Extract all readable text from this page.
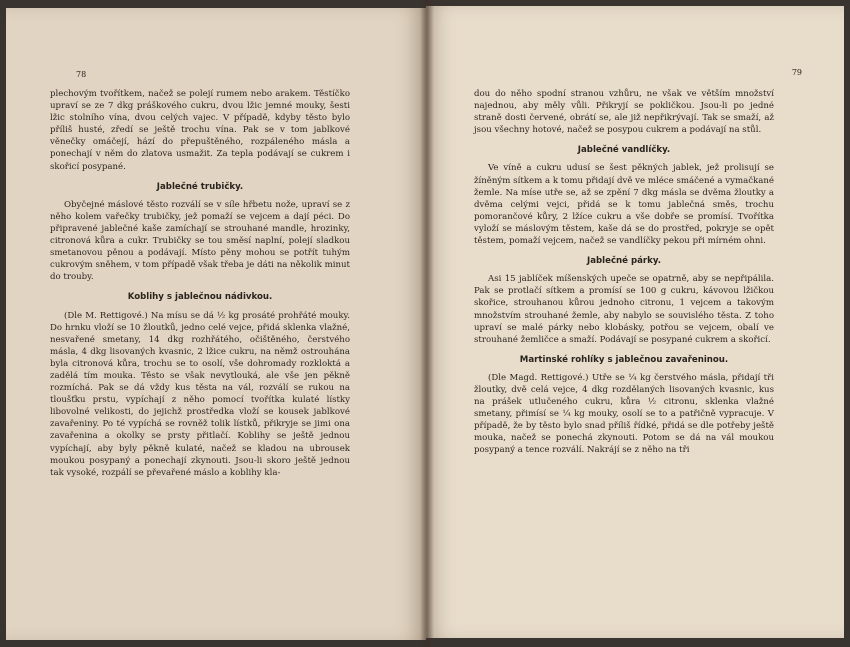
78

plechovým tvořítkem, načež se polejí rumem nebo arakem. Těstíčko upraví se ze 7 dkg práškového cukru, dvou lžic jemné mouky, šesti lžic stolního vína, dvou celých vajec. V případě, kdyby těsto bylo příliš husté, zředí se ještě trochu vína. Pak se v tom jablkové věnečky omáčejí, hází do přepuštěného, rozpáleného másla a ponechají v něm do zlatova usmažit. Za tepla podávají se cukrem i skořicí posypané.

Jablečné trubičky.

Obyčejné máslové těsto rozválí se v síle hřbetu nože, upraví se z něho kolem vařečky trubičky, jež pomaží se vejcem a dají péci. Do připravené jablečné kaše zamíchají se strouhané mandle, hrozinky, citronová kůra a cukr. Trubičky se tou směsí naplní, polejí sladkou smetanovou pěnou a podávají. Místo pěny mohou se potřít tuhým cukrovým sněhem, v tom případě však třeba je dáti na několik minut do trouby.

Koblihy s jablečnou nádivkou.

(Dle M. Rettigové.) Na mísu se dá ½ kg prosáté prohřáté mouky. Do hrnku vloží se 10 žloutků, jedno celé vejce, přidá sklenka vlažné, nesvařené smetany, 14 dkg rozhřátého, očištěného, čerstvého másla, 4 dkg lisovaných kvasnic, 2 lžice cukru, na němž ostrouhána byla citronová kůra, trochu se to osolí, vše dohromady rozkloktá a zadělá tím mouka. Těsto se však nevytlouká, ale vše jen pěkně rozmíchá. Pak se dá vždy kus těsta na vál, rozválí se rukou na tloušťku prstu, vypíchají z něho pomocí tvořítka kulaté lístky libovolné velikosti, do jejichž prostředka vloží se kousek jablkové zavařeniny. Po té vypíchá se rovněž tolik lístků, přikryje se jimi ona zavařenina a okolky se prsty přitlačí. Koblihy se ještě jednou vypíchají, aby byly pěkně kulaté, načež se kladou na ubrousek moukou posypaný a ponechají zkynouti. Jsou-li skoro ještě jednou tak vysoké, rozpálí se převařené máslo a koblihy kla-

79

dou do něho spodní stranou vzhůru, ne však ve větším množství najednou, aby měly vůli. Přikryjí se pokličkou. Jsou-li po jedné straně dosti červené, obrátí se, ale již nepřikrývají. Tak se smaží, až jsou všechny hotové, načež se posypou cukrem a podávají na stůl.

Jablečné vandlíčky.

Ve víně a cukru udusí se šest pěkných jablek, jež prolisují se žíněným sítkem a k tomu přidají dvě ve mléce smáčené a vymačkané žemle. Na míse utře se, až se zpění 7 dkg másla se dvěma žloutky a dvěma celými vejci, přidá se k tomu jablečná směs, trochu pomorančové kůry, 2 lžíce cukru a vše dobře se promísí. Tvořítka vyloží se máslovým těstem, kaše dá se do prostřed, pokryje se opět těstem, pomaží vejcem, načež se vandlíčky pekou při mírném ohni.

Jablečné párky.

Asi 15 jablíček míšenských upeče se opatrně, aby se nepřipálila. Pak se protlačí sítkem a promísí se 100 g cukru, kávovou lžičkou skořice, strouhanou kůrou jednoho citronu, 1 vejcem a takovým množstvím strouhané žemle, aby nabylo se souvislého těsta. Z toho upraví se malé párky nebo klobásky, potřou se vejcem, obalí ve strouhané žemličce a smaží. Podávají se posypané cukrem a skořicí.

Martinské rohlíky s jablečnou zavařeninou.

(Dle Magd. Rettigové.) Utře se ¼ kg čerstvého másla, přidají tři žloutky, dvě celá vejce, 4 dkg rozdělaných lisovaných kvasnic, kus na prášek utlučeného cukru, kůra ½ citronu, sklenka vlažné smetany, přimísí se ¼ kg mouky, osolí se to a patřičně vypracuje. V případě, že by těsto bylo snad příliš řídké, přidá se dle potřeby ještě mouka, načež se ponechá zkynouti. Potom se dá na vál moukou posypaný a tence rozválí. Nakrájí se z něho na tři
